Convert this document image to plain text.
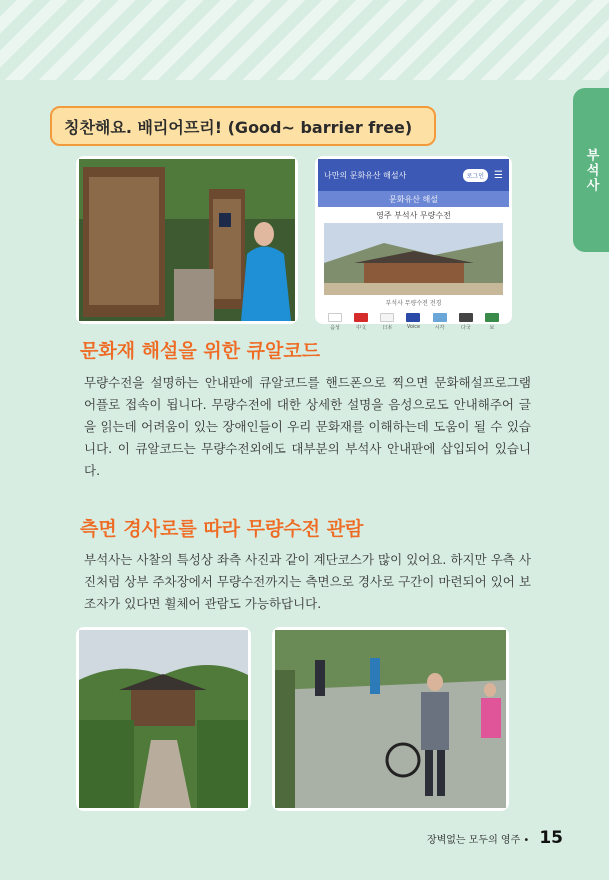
부석사
칭찬해요. 배리어프리! (Good~ barrier free)
나만의 문화유산 해설사	로그인	☰
문화유산 해설
영주 부석사 무량수전
부석사 무량수전 전경
음성	中文	日本	Voice	시각	다국	보
문화재 해설을 위한 큐알코드

무량수전을 설명하는 안내판에 큐알코드를 핸드폰으로 찍으면 문화해설프로그램 어플로 접속이 됩니다. 무량수전에 대한 상세한 설명을 음성으로도 안내해주어 글을 읽는데 어려움이 있는 장애인들이 우리 문화재를 이해하는데 도움이 될 수 있습니다. 이 큐알코드는 무량수전외에도 대부분의 부석사 안내판에 삽입되어 있습니다.

측면 경사로를 따라 무량수전 관람

부석사는 사찰의 특성상 좌측 사진과 같이 계단코스가 많이 있어요. 하지만 우측 사진처럼 상부 주차장에서 무량수전까지는 측면으로 경사로 구간이 마련되어 있어 보조자가 있다면 휠체어 관람도 가능하답니다.

장벽없는 모두의 영주 • 15
